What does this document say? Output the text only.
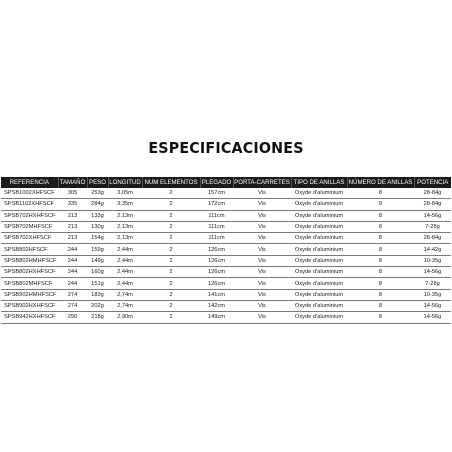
ESPECIFICACIONES
REFERENCIA	TAMAÑO	PESO	LONGITUD	NUM ELEMENTOS	PLEGADO	PORTA-CARRETES	TIPO DE ANILLAS	NÚMERO DE ANILLAS	POTENCIA
SPSB1002XHFSCF	305	253g	3,05m	2	157cm	Vis	Oxyde d'aluminium	8	28-84g
SPSB1102XHFSCF	335	284g	3,35m	2	172cm	Vis	Oxyde d'aluminium	9	28-84g
SPSB702HXHFSCF	213	133g	2,13m	2	111cm	Vis	Oxyde d'aluminium	8	14-56g
SPSB702MHFSCF	213	130g	2,13m	2	111cm	Vis	Oxyde d'aluminium	8	7-28g
SPSB702XHFSCF	213	154g	2,13m	2	111cm	Vis	Oxyde d'aluminium	8	28-84g
SPSB802HFSCF	244	159g	2,44m	2	126cm	Vis	Oxyde d'aluminium	8	14-42g
SPSB802HMHFSCF	244	149g	2,44m	2	126cm	Vis	Oxyde d'aluminium	8	10-35g
SPSB802HXHFSCF	244	160g	2,44m	2	126cm	Vis	Oxyde d'aluminium	8	14-56g
SPSB802MHFSCF	244	151g	2,44m	2	126cm	Vis	Oxyde d'aluminium	8	7-28g
SPSB902HMHFSCF	274	183g	2,74m	2	141cm	Vis	Oxyde d'aluminium	8	10-35g
SPSB902HXHFSCF	274	202g	2,74m	2	142cm	Vis	Oxyde d'aluminium	8	14-56g
SPSB942HXHFSCF	290	218g	2,90m	2	149cm	Vis	Oxyde d'aluminium	8	14-56g
